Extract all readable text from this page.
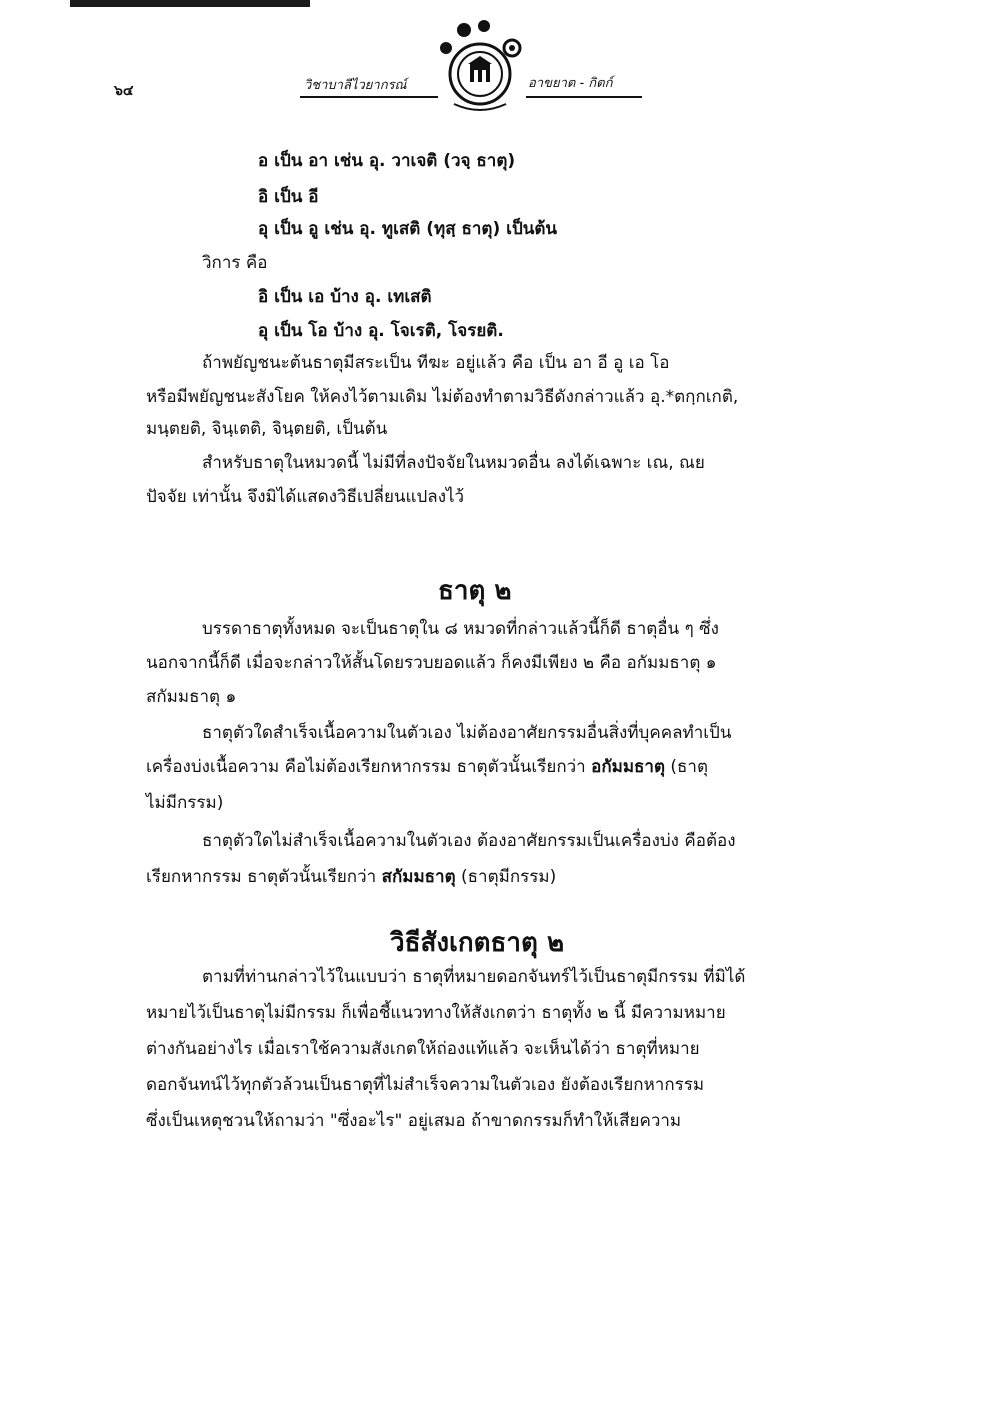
๖๔	วิชาบาลีไวยากรณ์	อาขยาต - กิตก์
อ เป็น อา เช่น อุ. วาเจติ (วจฺ ธาตุ)
อิ เป็น อี
อุ เป็น อู เช่น อุ. ทูเสติ (ทุสฺ ธาตุ) เป็นต้น
วิการ คือ
อิ เป็น เอ บ้าง อุ. เทเสติ
อุ เป็น โอ บ้าง อุ. โจเรติ, โจรยติ.
ถ้าพยัญชนะต้นธาตุมีสระเป็น ทีฆะ อยู่แล้ว คือ เป็น อา อี อู เอ โอ
หรือมีพยัญชนะสังโยค ให้คงไว้ตามเดิม ไม่ต้องทำตามวิธีดังกล่าวแล้ว อุ.*ตกฺกเกติ,
มนฺตยติ, จินฺเตติ, จินฺตยติ, เป็นต้น
สำหรับธาตุในหมวดนี้ ไม่มีที่ลงปัจจัยในหมวดอื่น ลงได้เฉพาะ เณ, ณย
ปัจจัย เท่านั้น จึงมิได้แสดงวิธีเปลี่ยนแปลงไว้
ธาตุ ๒
บรรดาธาตุทั้งหมด จะเป็นธาตุใน ๘ หมวดที่กล่าวแล้วนี้ก็ดี ธาตุอื่น ๆ ซึ่ง
นอกจากนี้ก็ดี เมื่อจะกล่าวให้สั้นโดยรวบยอดแล้ว ก็คงมีเพียง ๒ คือ อกัมมธาตุ ๑
สกัมมธาตุ ๑
ธาตุตัวใดสำเร็จเนื้อความในตัวเอง ไม่ต้องอาศัยกรรมอื่นสิ่งที่บุคคลทำเป็น
เครื่องบ่งเนื้อความ คือไม่ต้องเรียกหากรรม ธาตุตัวนั้นเรียกว่า อกัมมธาตุ (ธาตุ
ไม่มีกรรม)
ธาตุตัวใดไม่สำเร็จเนื้อความในตัวเอง ต้องอาศัยกรรมเป็นเครื่องบ่ง คือต้อง
เรียกหากรรม ธาตุตัวนั้นเรียกว่า สกัมมธาตุ (ธาตุมีกรรม)
วิธีสังเกตธาตุ ๒
ตามที่ท่านกล่าวไว้ในแบบว่า ธาตุที่หมายดอกจันทร์ไว้เป็นธาตุมีกรรม ที่มิได้
หมายไว้เป็นธาตุไม่มีกรรม ก็เพื่อชี้แนวทางให้สังเกตว่า ธาตุทั้ง ๒ นี้ มีความหมาย
ต่างกันอย่างไร เมื่อเราใช้ความสังเกตให้ถ่องแท้แล้ว จะเห็นได้ว่า ธาตุที่หมาย
ดอกจันทน์ไว้ทุกตัวล้วนเป็นธาตุที่ไม่สำเร็จความในตัวเอง ยังต้องเรียกหากรรม
ซึ่งเป็นเหตุชวนให้ถามว่า "ซึ่งอะไร" อยู่เสมอ ถ้าขาดกรรมก็ทำให้เสียความ
